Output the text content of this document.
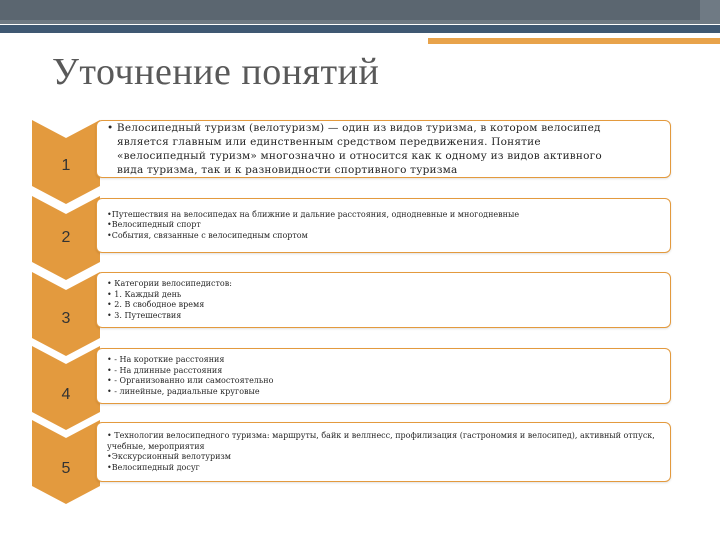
Уточнение понятий
1
• Велосипедный туризм (велотуризм) — один из видов туризма, в котором велосипед
является главным или единственным средством передвижения. Понятие
«велосипедный туризм» многозначно и относится как к одному из видов активного
вида туризма, так и к разновидности спортивного туризма
2
•Путешествия на велосипедах на ближние и дальние расстояния, однодневные и многодневные
•Велосипедный спорт
•События, связанные с велосипедным спортом
3
• Категории велосипедистов:
• 1. Каждый день
• 2. В свободное время
• 3. Путешествия
4
• - На короткие расстояния
• - На длинные расстояния
• - Организованно или самостоятельно
• - линейные, радиальные круговые
5
• Технологии велосипедного туризма: маршруты, байк и веллнесс, профилизация (гастрономия и велосипед), активный отпуск, учебные, мероприятия
•Экскурсионный велотуризм
•Велосипедный досуг
